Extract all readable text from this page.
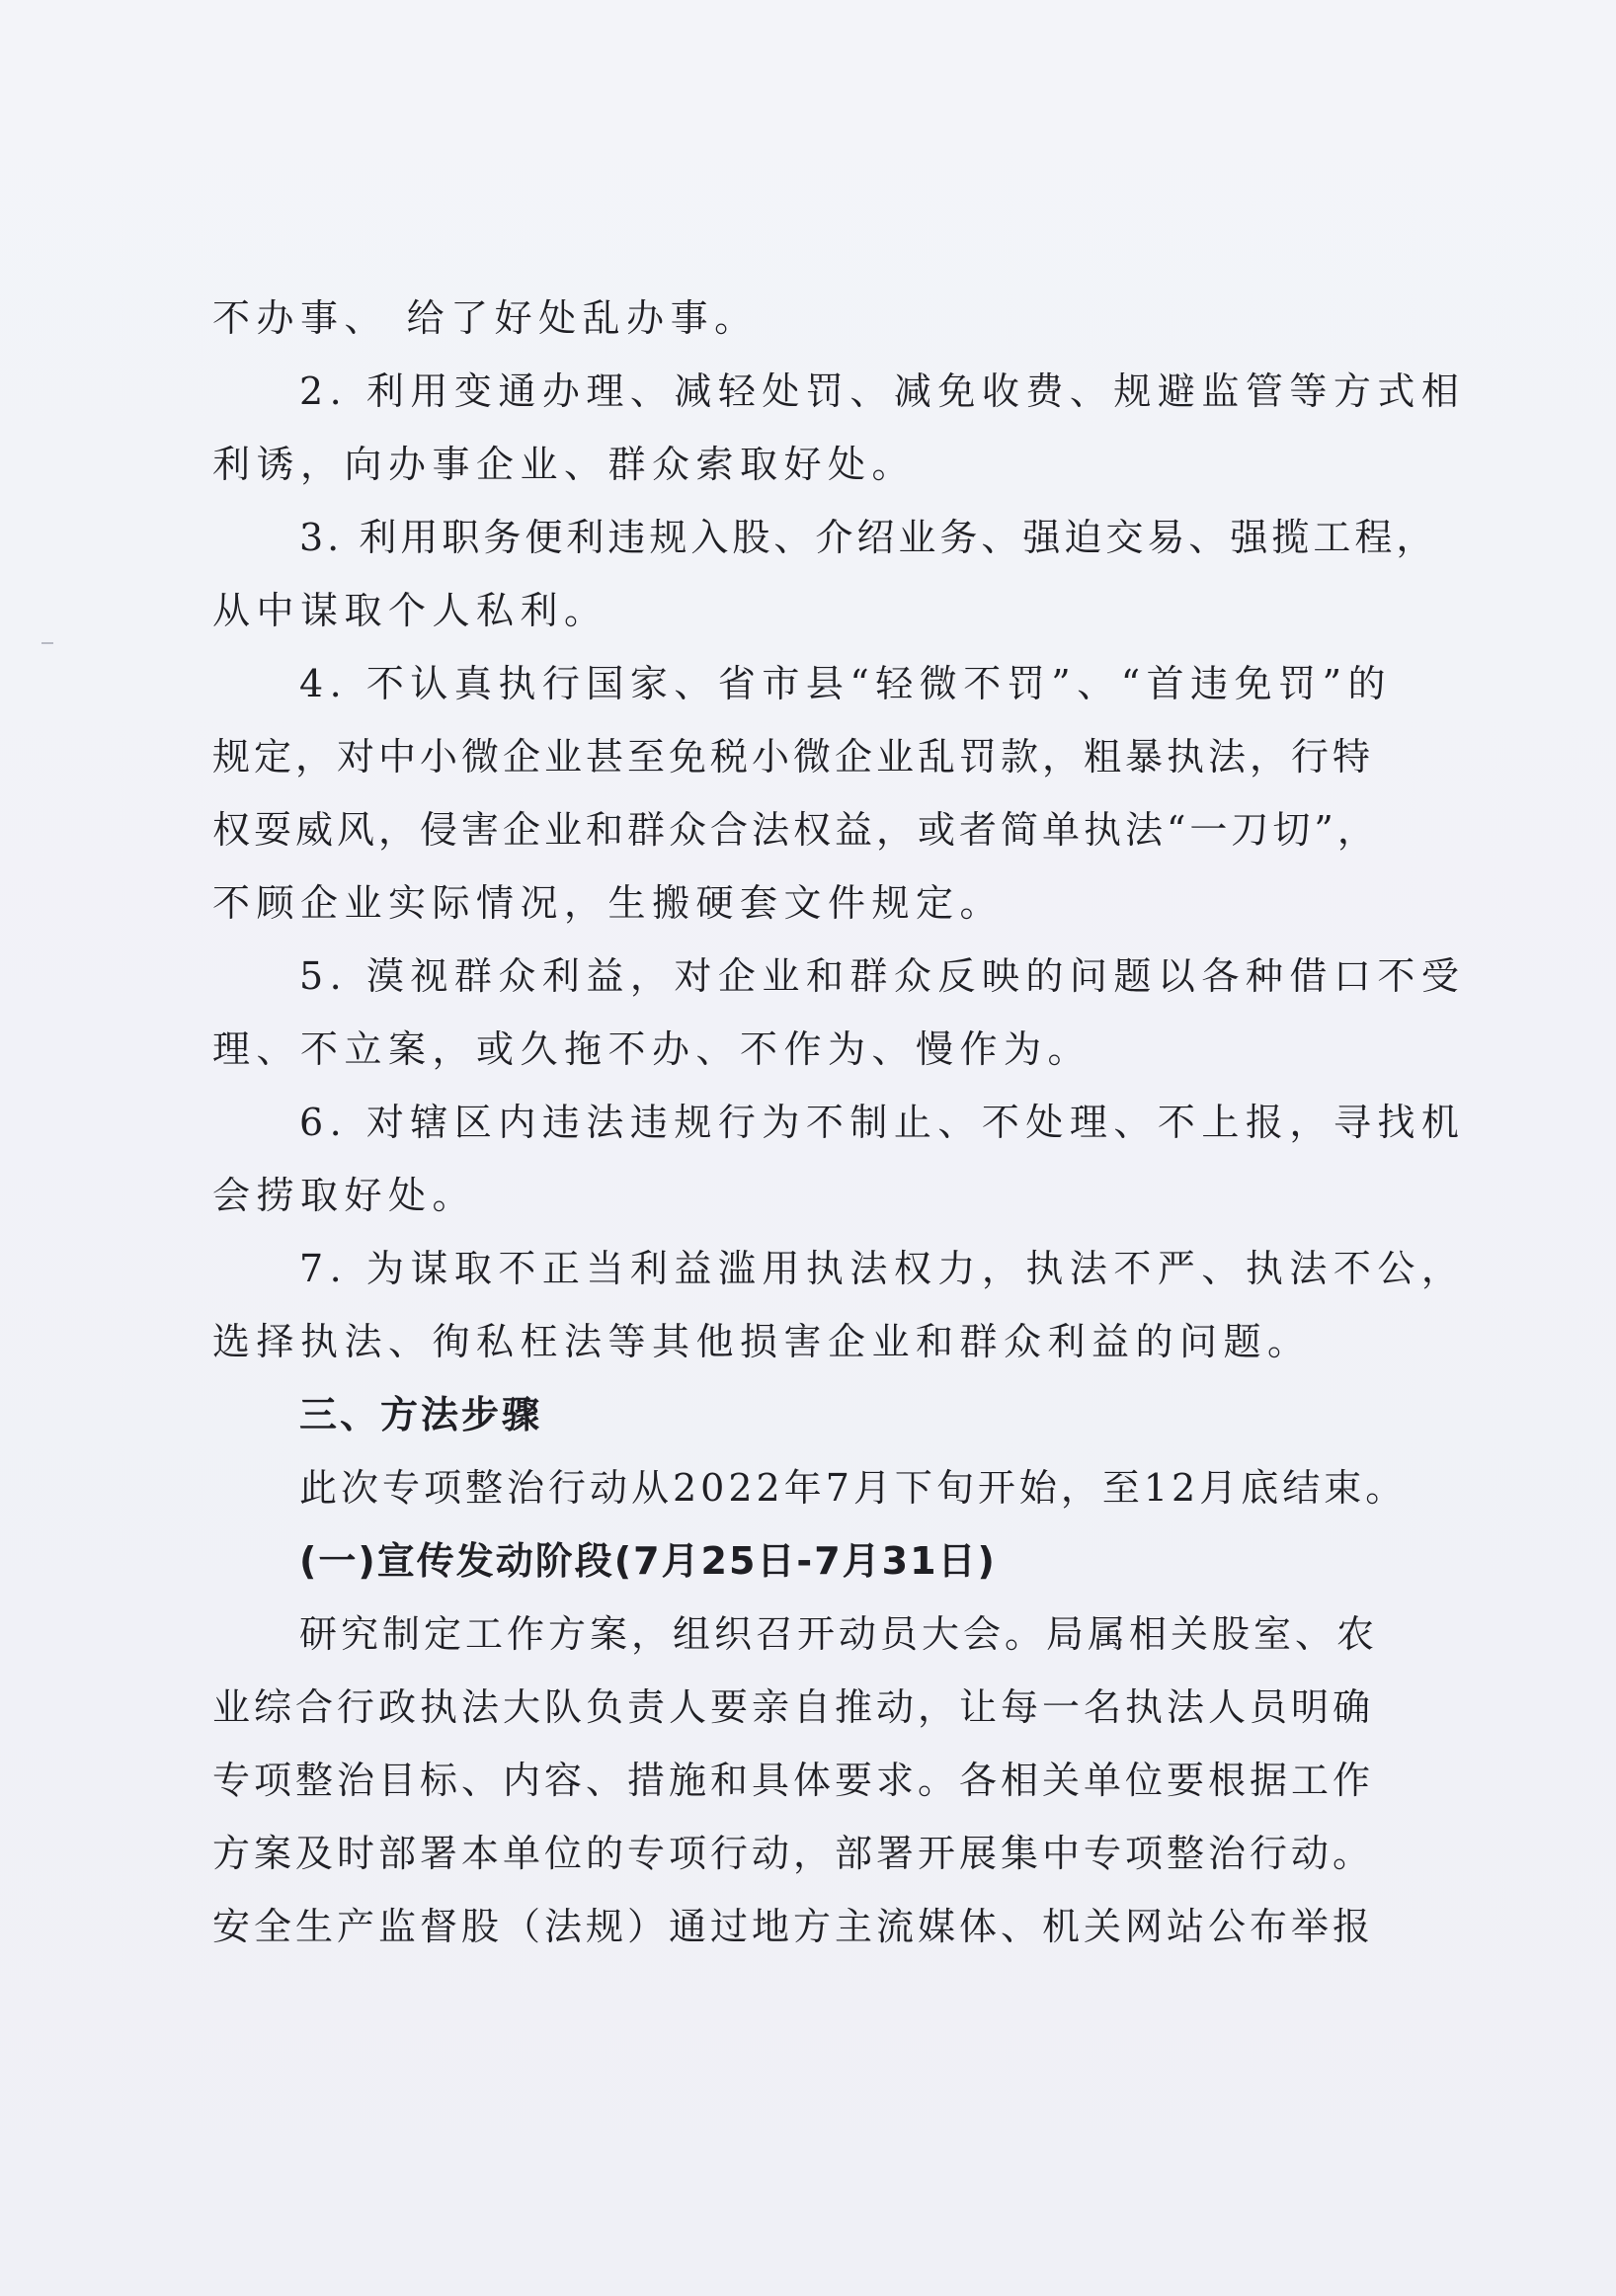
不办事、 给了好处乱办事。
2. 利用变通办理、减轻处罚、减免收费、规避监管等方式相
利诱，向办事企业、群众索取好处。
3. 利用职务便利违规入股、介绍业务、强迫交易、强揽工程，
从中谋取个人私利。
4. 不认真执行国家、省市县“轻微不罚”、“首违免罚”的
规定，对中小微企业甚至免税小微企业乱罚款，粗暴执法，行特
权耍威风，侵害企业和群众合法权益，或者简单执法“一刀切”，
不顾企业实际情况，生搬硬套文件规定。
5. 漠视群众利益，对企业和群众反映的问题以各种借口不受
理、不立案，或久拖不办、不作为、慢作为。
6. 对辖区内违法违规行为不制止、不处理、不上报，寻找机
会捞取好处。
7. 为谋取不正当利益滥用执法权力，执法不严、执法不公，
选择执法、徇私枉法等其他损害企业和群众利益的问题。
三、方法步骤
此次专项整治行动从2022年7月下旬开始，至12月底结束。
(一)宣传发动阶段(7月25日-7月31日)
研究制定工作方案，组织召开动员大会。局属相关股室、农
业综合行政执法大队负责人要亲自推动，让每一名执法人员明确
专项整治目标、内容、措施和具体要求。各相关单位要根据工作
方案及时部署本单位的专项行动，部署开展集中专项整治行动。
安全生产监督股（法规）通过地方主流媒体、机关网站公布举报
